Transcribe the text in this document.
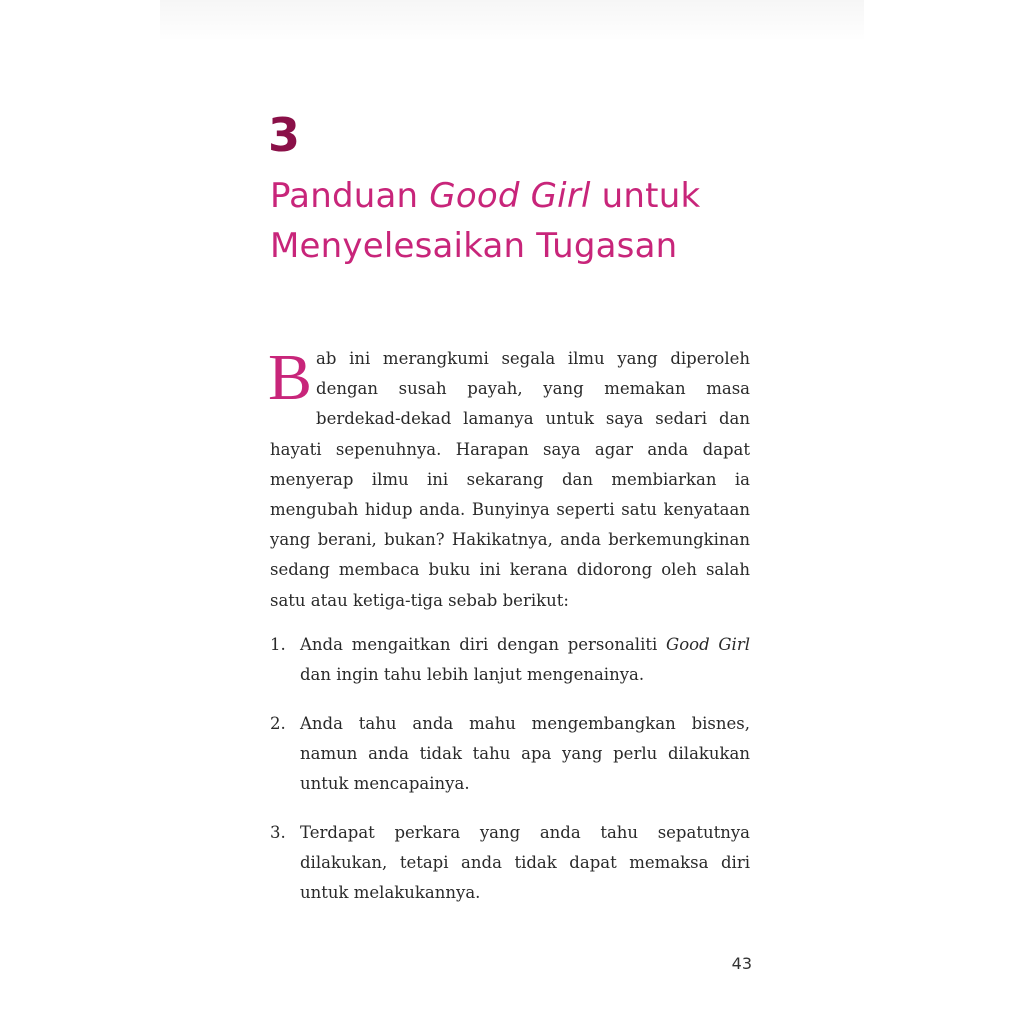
3
Panduan Good Girl untuk
Menyelesaikan Tugasan
Bab ini merangkumi segala ilmu yang diperoleh dengan susah payah, yang memakan masa berdekad-dekad lamanya untuk saya sedari dan hayati sepenuhnya. Harapan saya agar anda dapat menyerap ilmu ini sekarang dan membiarkan ia mengubah hidup anda. Bunyinya seperti satu kenyataan yang berani, bukan? Hakikatnya, anda berkemungkinan sedang membaca buku ini kerana didorong oleh salah satu atau ketiga-tiga sebab berikut:
1. Anda mengaitkan diri dengan personaliti Good Girl dan ingin tahu lebih lanjut mengenainya.
2. Anda tahu anda mahu mengembangkan bisnes, namun anda tidak tahu apa yang perlu dilakukan untuk mencapainya.
3. Terdapat perkara yang anda tahu sepatutnya dilakukan, tetapi anda tidak dapat memaksa diri untuk melakukannya.
43
